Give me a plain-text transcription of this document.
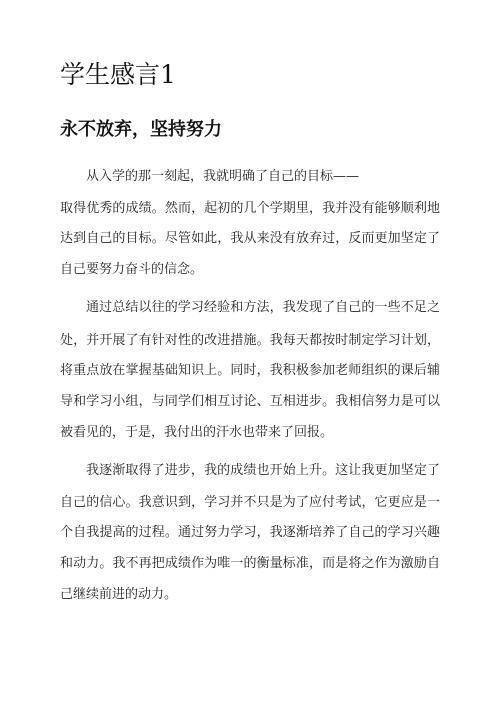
学生感言1
永不放弃，坚持努力
从入学的那一刻起，我就明确了自己的目标——
取得优秀的成绩。然而，起初的几个学期里，我并没有能够顺利地
达到自己的目标。尽管如此，我从来没有放弃过，反而更加坚定了
自己要努力奋斗的信念。
通过总结以往的学习经验和方法，我发现了自己的一些不足之
处，并开展了有针对性的改进措施。我每天都按时制定学习计划，
将重点放在掌握基础知识上。同时，我积极参加老师组织的课后辅
导和学习小组，与同学们相互讨论、互相进步。我相信努力是可以
被看见的，于是，我付出的汗水也带来了回报。
我逐渐取得了进步，我的成绩也开始上升。这让我更加坚定了
自己的信心。我意识到，学习并不只是为了应付考试，它更应是一
个自我提高的过程。通过努力学习，我逐渐培养了自己的学习兴趣
和动力。我不再把成绩作为唯一的衡量标准，而是将之作为激励自
己继续前进的动力。
